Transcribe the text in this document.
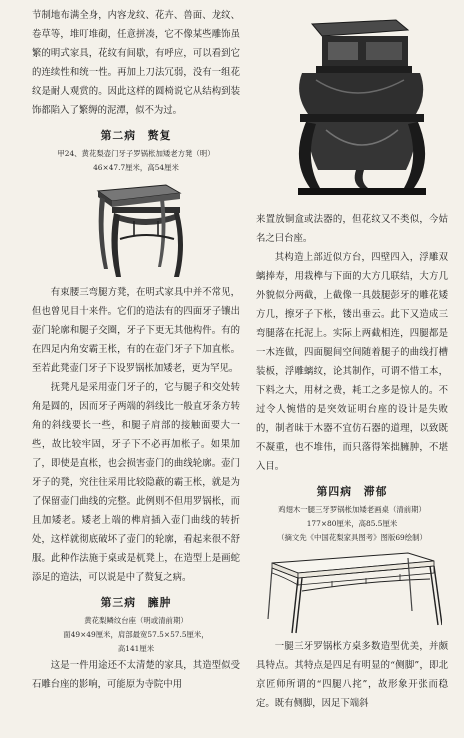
节制地布满全身，内容龙纹、花卉、兽面、龙纹、卷草等，堆叮堆砌，任意拼凑，它不像某些雕饰虽繁的明式家具，花纹有间歇，有呼应，可以看到它的连续性和统一性。再加上刀法冗弱，没有一组花纹是耐人观赏的。因此这样的圆椅说它从结构到装饰都陷入了繁缛的泥潭，似不为过。

第二病　赘复
甲24、黄花梨壶门牙子罗锅枨加矮老方凳（明）
46×47.7厘米，高54厘米

有束腰三弯腿方凳，在明式家具中并不常见，但也曾见目十来件。它们的造法有的四面牙子镶出壶门轮廓和腿子交圈，牙子下更无其他构件。有的在四足内角安霸王枨，有的在壶门牙子下加直枨。至若此凳壶门牙子下设罗锅枨加矮老，更为罕见。

抚凳凡是采用壶门牙子的，它与腿子和交处转角是圆的，因而牙子两端的斜线比一般直牙条方转角的斜线要长一些，和腿子肩部的接触面要大一些，故比较牢固，牙子下不必再加枨子。如果加了，即使是直枨，也会损害壶门的曲线轮廓。壶门牙子的凳，究往往采用比较隐蔽的霸王枨，就是为了保留壶门曲线的完整。此例则不但用罗锅枨，而且加矮老。矮老上端的榫肩插入壶门曲线的转折处，这样就彻底破坏了壶门的轮廓，看起来很不舒服。此种作法施于桌或是杌凳上，在造型上是画蛇添足的造法，可以说是中了赘复之病。

第三病　臃肿
黄花梨鳞纹台座（明或清前期）
面49×49厘米，肩部最宽57.5×57.5厘米，
高141厘米

这是一件用途还不太清楚的家具，其造型似受石雕台座的影响，可能原为寺院中用

来置放铜盒或法器的，但花纹又不类似，今姑名之曰台座。

其构造上部近似方台，四壁四入，浮雕双螭捧寿，用栽榫与下面的大方几联结，大方几外貌似分两截，上截像一具鼓腿彭牙的雕花矮方几，擦牙子下枨，镂出垂云。此下又造成三弯腿落在托泥上。实际上两截相连，四腿都是一木连做，四面腿间空间随着腿子的曲线打槽装板，浮雕螭纹，论其制作，可谓不惜工本，下料之大，用材之费，耗工之多是惊人的。不过令人惋惜的是突效证明台座的设计是失败的，制者昧于木器不宜仿石器的道理，以致既不凝重，也不堆伟，而只落得笨拙臃肿，不堪入目。

第四病　滞郁
鸡翅木一腿三牙罗锅枨加矮老画桌（清前期）
177×80厘米，高85.5厘米
（摘文先《中国花梨家具图考》图版69绘制）

一腿三牙罗锅枨方桌多数造型优美，并颇具特点。其特点是四足有明显的“侧脚”，即北京匠师所谓的“四腿八挓”，故形象开张而稳定。既有侧脚，因足下端斜
